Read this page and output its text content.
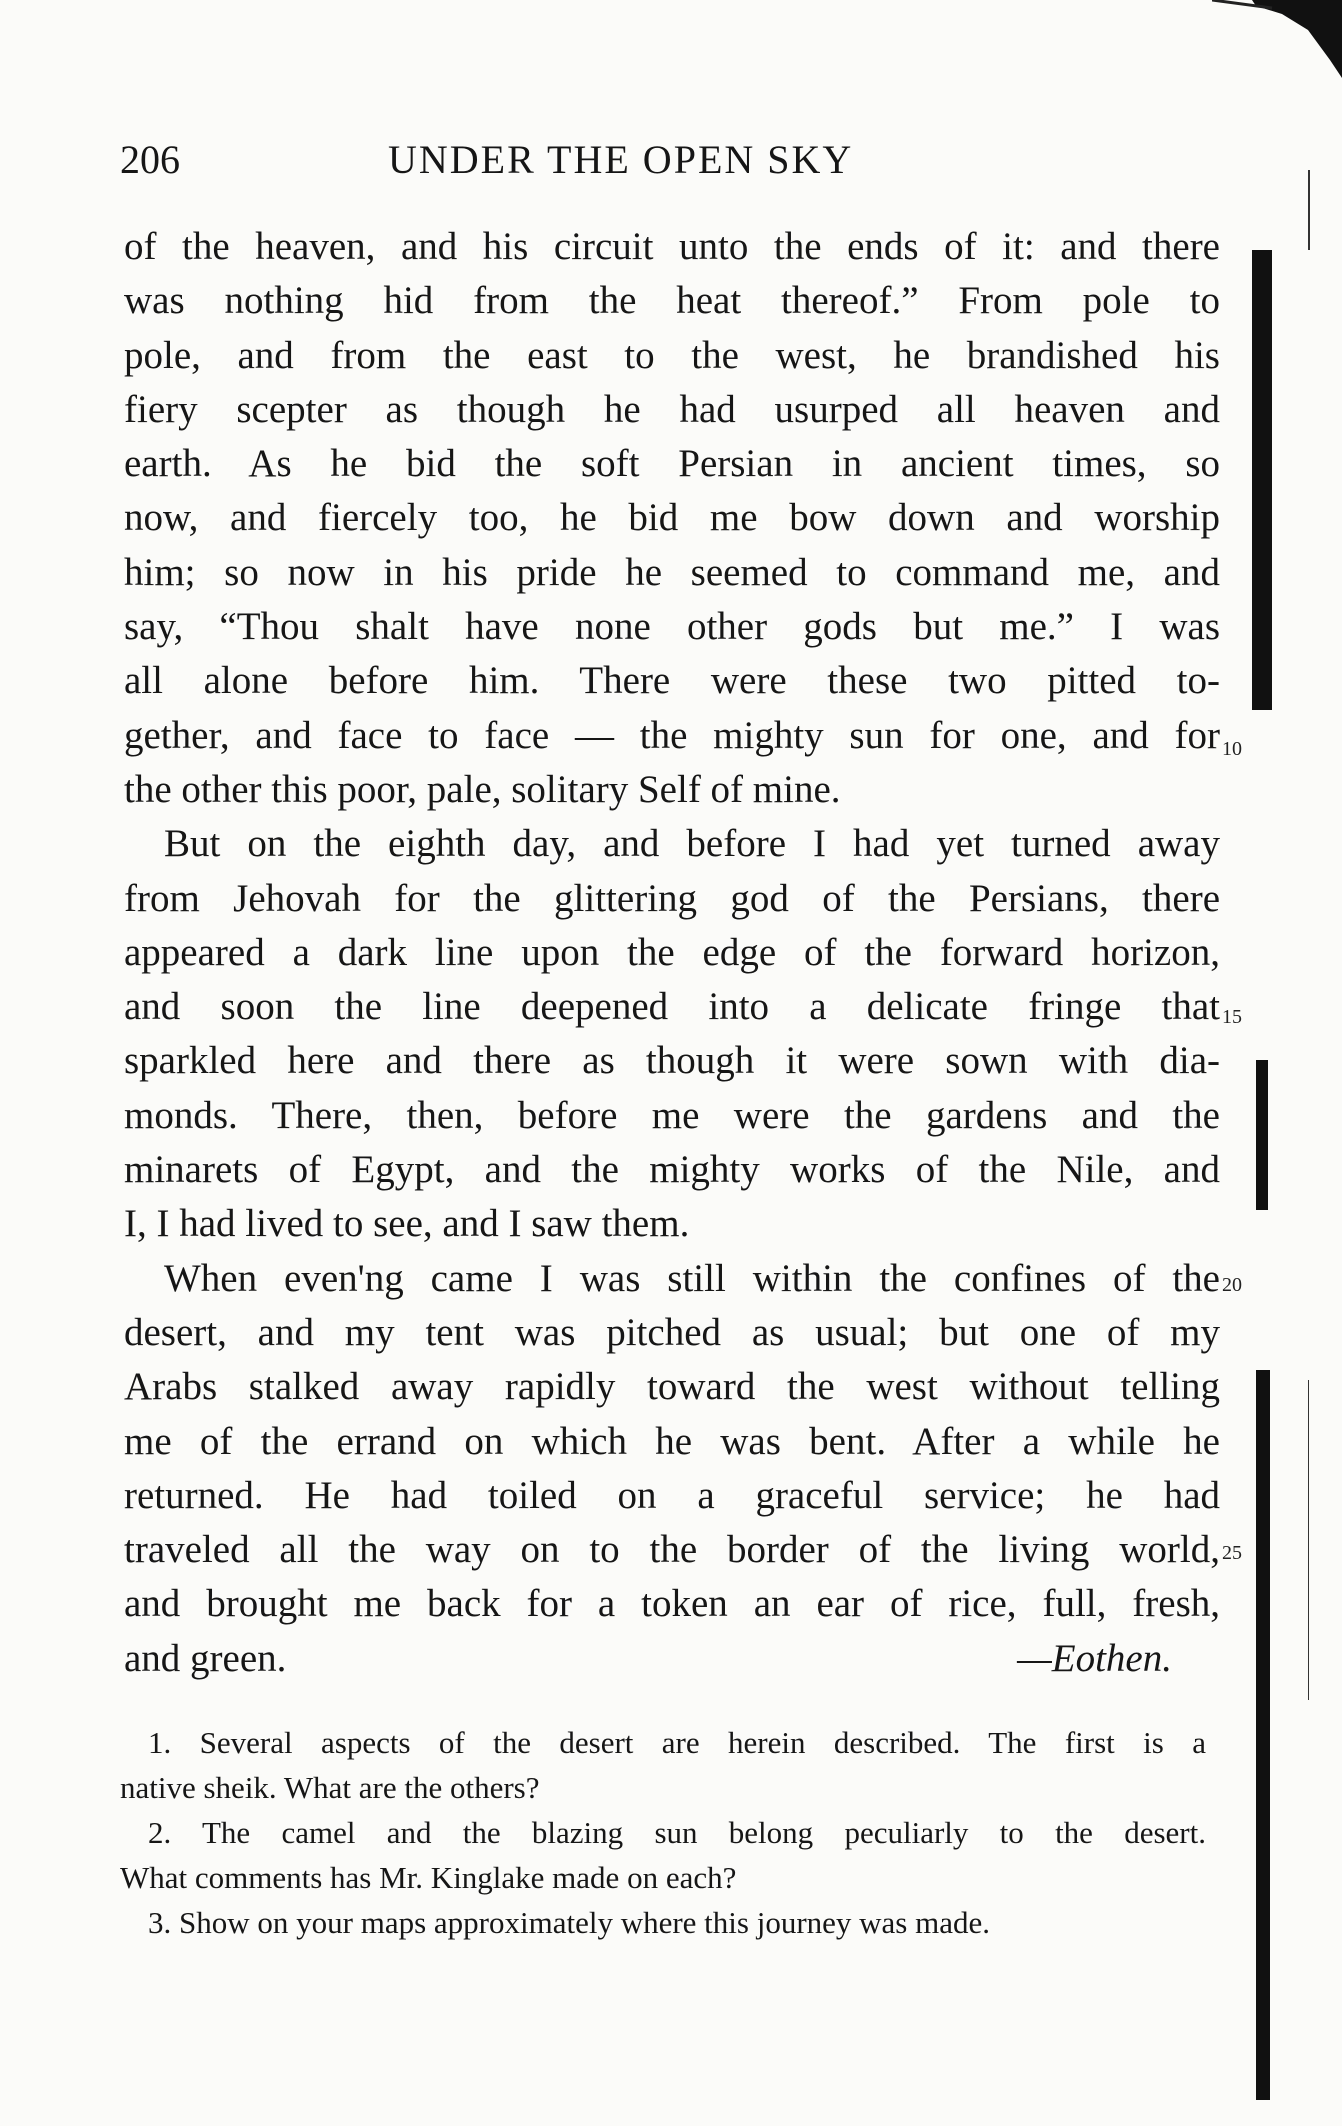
206	UNDER THE OPEN SKY
of the heaven, and his circuit unto the ends of it: and there
was nothing hid from the heat thereof.” From pole to
pole, and from the east to the west, he brandished his
fiery scepter as though he had usurped all heaven and
earth. As he bid the soft Persian in ancient times, so
now, and fiercely too, he bid me bow down and worship
him; so now in his pride he seemed to command me, and
say, “Thou shalt have none other gods but me.” I was
all alone before him. There were these two pitted to-
gether, and face to face — the mighty sun for one, and for
the other this poor, pale, solitary Self of mine.
But on the eighth day, and before I had yet turned away
from Jehovah for the glittering god of the Persians, there
appeared a dark line upon the edge of the forward horizon,
and soon the line deepened into a delicate fringe that
sparkled here and there as though it were sown with dia-
monds. There, then, before me were the gardens and the
minarets of Egypt, and the mighty works of the Nile, and
I, I had lived to see, and I saw them.
When even'ng came I was still within the confines of the
desert, and my tent was pitched as usual; but one of my
Arabs stalked away rapidly toward the west without telling
me of the errand on which he was bent. After a while he
returned. He had toiled on a graceful service; he had
traveled all the way on to the border of the living world,
and brought me back for a token an ear of rice, full, fresh,
and green.	—Eothen.
10
15
20
25
1. Several aspects of the desert are herein described. The first is a
native sheik. What are the others?
2. The camel and the blazing sun belong peculiarly to the desert.
What comments has Mr. Kinglake made on each?
3. Show on your maps approximately where this journey was made.
